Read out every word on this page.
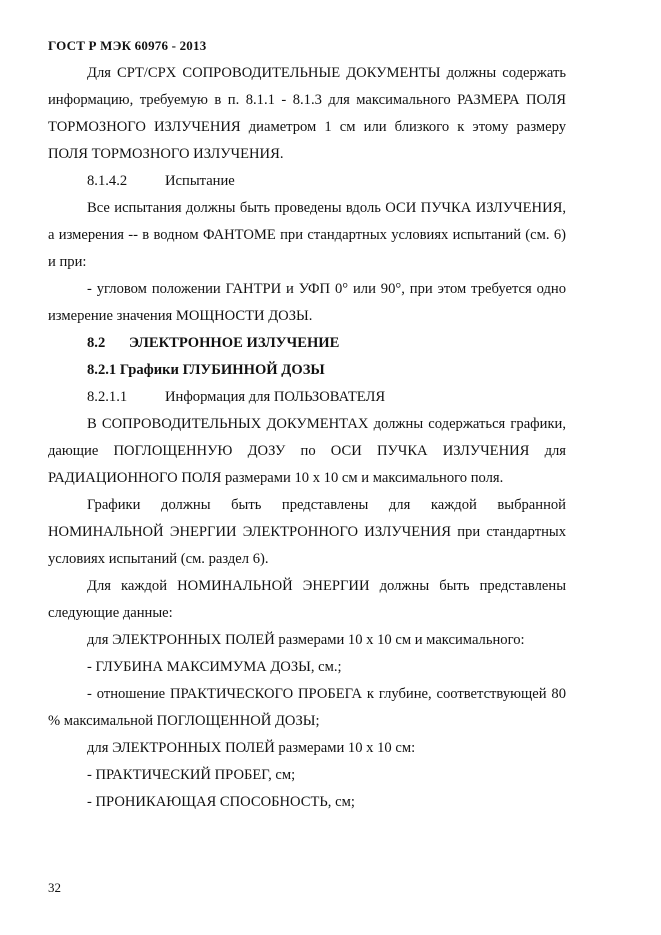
ГОСТ Р МЭК 60976 - 2013

Для CPT/CPX СОПРОВОДИТЕЛЬНЫЕ ДОКУМЕНТЫ должны содержать информацию, требуемую в п. 8.1.1 - 8.1.3 для максимального РАЗМЕРА ПОЛЯ ТОРМОЗНОГО ИЗЛУЧЕНИЯ диаметром 1 см или близкого к этому размеру ПОЛЯ ТОРМОЗНОГО ИЗЛУЧЕНИЯ.

8.1.4.2	Испытание

Все испытания должны быть проведены вдоль ОСИ ПУЧКА ИЗЛУЧЕНИЯ, а измерения -- в водном ФАНТОМЕ при стандартных условиях испытаний (см. 6) и при:

- угловом положении ГАНТРИ и УФП 0° или 90°, при этом требуется одно измерение значения МОЩНОСТИ ДОЗЫ.

8.2 ЭЛЕКТРОННОЕ ИЗЛУЧЕНИЕ

8.2.1 Графики ГЛУБИННОЙ ДОЗЫ

8.2.1.1	Информация для ПОЛЬЗОВАТЕЛЯ

В СОПРОВОДИТЕЛЬНЫХ ДОКУМЕНТАХ должны содержаться графики, дающие ПОГЛОЩЕННУЮ ДОЗУ по ОСИ ПУЧКА ИЗЛУЧЕНИЯ для РАДИАЦИОННОГО ПОЛЯ размерами 10 х 10 см и максимального поля.

Графики должны быть представлены для каждой выбранной НОМИНАЛЬНОЙ ЭНЕРГИИ ЭЛЕКТРОННОГО ИЗЛУЧЕНИЯ при стандартных условиях испытаний (см. раздел 6).

Для каждой НОМИНАЛЬНОЙ ЭНЕРГИИ должны быть представлены следующие данные:

для ЭЛЕКТРОННЫХ ПОЛЕЙ размерами 10 х 10 см и максимального:

- ГЛУБИНА МАКСИМУМА ДОЗЫ, см.;

- отношение ПРАКТИЧЕСКОГО ПРОБЕГА к глубине, соответствующей 80 % максимальной ПОГЛОЩЕННОЙ ДОЗЫ;

для ЭЛЕКТРОННЫХ ПОЛЕЙ размерами 10 х 10 см:

- ПРАКТИЧЕСКИЙ ПРОБЕГ, см;

- ПРОНИКАЮЩАЯ СПОСОБНОСТЬ, см;

32
